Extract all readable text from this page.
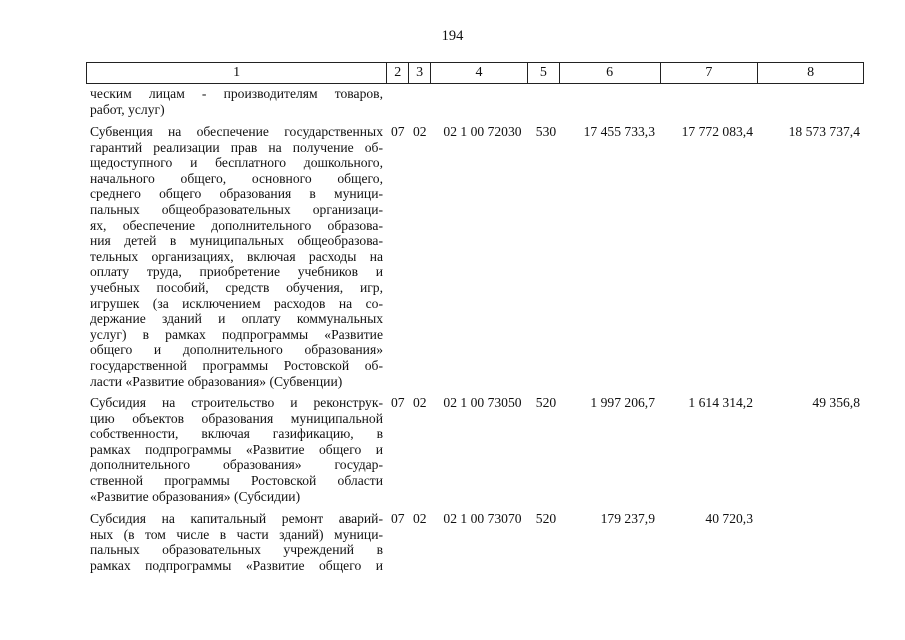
194
1	2	3	4	5	6	7	8
ческим лицам - производителям товаров,
работ, услуг)
Субвенция на обеспечение государственных
гарантий реализации прав на получение об-
щедоступного и бесплатного дошкольного,
начального общего, основного общего,
среднего общего образования в муници-
пальных общеобразовательных организаци-
ях, обеспечение дополнительного образова-
ния детей в муниципальных общеобразова-
тельных организациях, включая расходы на
оплату труда, приобретение учебников и
учебных пособий, средств обучения, игр,
игрушек (за исключением расходов на со-
держание зданий и оплату коммунальных
услуг) в рамках подпрограммы «Развитие
общего и дополнительного образования»
государственной программы Ростовской об-
ласти «Развитие образования» (Субвенции)
07 02	02 1 00 72030	530	17 455 733,3	17 772 083,4	18 573 737,4
Субсидия на строительство и реконструк-
цию объектов образования муниципальной
собственности, включая газификацию, в
рамках подпрограммы «Развитие общего и
дополнительного образования» государ-
ственной программы Ростовской области
«Развитие образования» (Субсидии)
07 02	02 1 00 73050	520	1 997 206,7	1 614 314,2	49 356,8
Субсидия на капитальный ремонт аварий-
ных (в том числе в части зданий) муници-
пальных образовательных учреждений в
рамках подпрограммы «Развитие общего и
07 02	02 1 00 73070	520	179 237,9	40 720,3
